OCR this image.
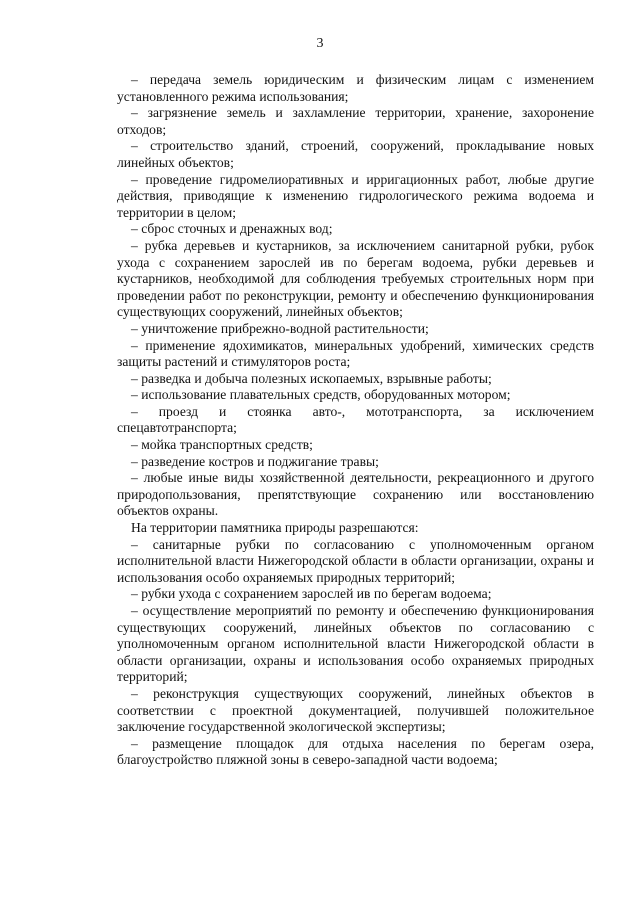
3

– передача земель юридическим и физическим лицам с изменением установленного режима использования;

– загрязнение земель и захламление территории, хранение, захоронение отходов;

– строительство зданий, строений, сооружений, прокладывание новых линейных объектов;

– проведение гидромелиоративных и ирригационных работ, любые другие действия, приводящие к изменению гидрологического режима водоема и территории в целом;

– сброс сточных и дренажных вод;

– рубка деревьев и кустарников, за исключением санитарной рубки, рубок ухода с сохранением зарослей ив по берегам водоема, рубки деревьев и кустарников, необходимой для соблюдения требуемых строительных норм при проведении работ по реконструкции, ремонту и обеспечению функционирования существующих сооружений, линейных объектов;

– уничтожение прибрежно-водной растительности;

– применение ядохимикатов, минеральных удобрений, химических средств защиты растений и стимуляторов роста;

– разведка и добыча полезных ископаемых, взрывные работы;

– использование плавательных средств, оборудованных мотором;

– проезд и стоянка авто-, мототранспорта, за исключением спецавтотранспорта;

– мойка транспортных средств;

– разведение костров и поджигание травы;

– любые иные виды хозяйственной деятельности, рекреационного и другого природопользования, препятствующие сохранению или восстановлению объектов охраны.

На территории памятника природы разрешаются:

– санитарные рубки по согласованию с уполномоченным органом исполнительной власти Нижегородской области в области организации, охраны и использования особо охраняемых природных территорий;

– рубки ухода с сохранением зарослей ив по берегам водоема;

– осуществление мероприятий по ремонту и обеспечению функционирования существующих сооружений, линейных объектов по согласованию с уполномоченным органом исполнительной власти Нижегородской области в области организации, охраны и использования особо охраняемых природных территорий;

– реконструкция существующих сооружений, линейных объектов в соответствии с проектной документацией, получившей положительное заключение государственной экологической экспертизы;

– размещение площадок для отдыха населения по берегам озера, благоустройство пляжной зоны в северо-западной части водоема;
